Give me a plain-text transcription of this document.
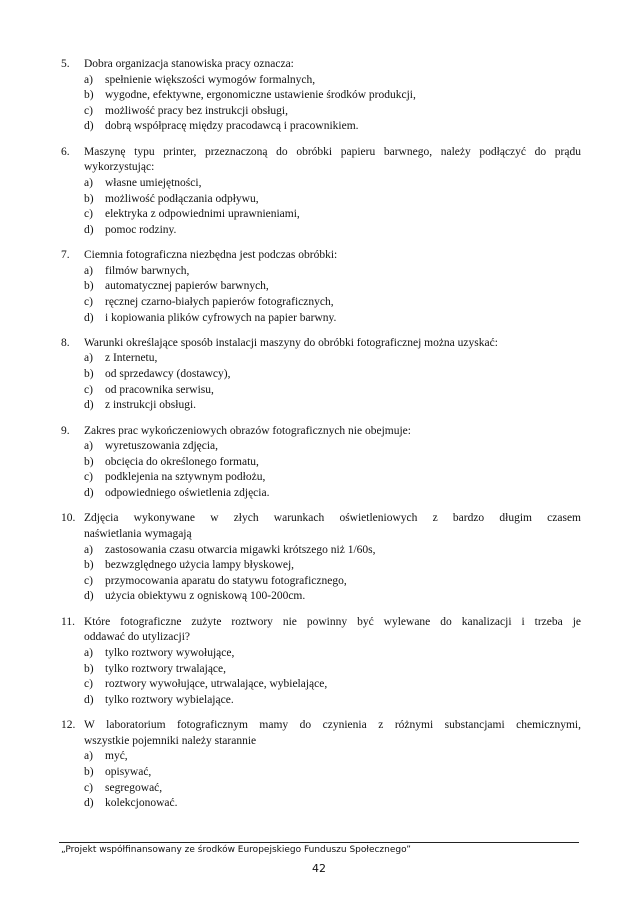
5.	Dobra organizacja stanowiska pracy oznacza:
a)	spełnienie większości wymogów formalnych,
b) wygodne, efektywne, ergonomiczne ustawienie środków produkcji,
c)	możliwość pracy bez instrukcji obsługi,
d) dobrą współpracę między pracodawcą i pracownikiem.
6.	Maszynę typu printer, przeznaczoną do obróbki papieru barwnego, należy podłączyć do prądu
wykorzystując:
a)	własne umiejętności,
b) możliwość podłączania odpływu,
c)	elektryka z odpowiednimi uprawnieniami,
d) pomoc rodziny.
7.	Ciemnia fotograficzna niezbędna jest podczas obróbki:
a)	filmów barwnych,
b) automatycznej papierów barwnych,
c)	ręcznej czarno-białych papierów fotograficznych,
d) i kopiowania plików cyfrowych na papier barwny.
8.	Warunki określające sposób instalacji maszyny do obróbki fotograficznej można uzyskać:
a)	z Internetu,
b) od sprzedawcy (dostawcy),
c)	od pracownika serwisu,
d) z instrukcji obsługi.
9.	Zakres prac wykończeniowych obrazów fotograficznych nie obejmuje:
a)	wyretuszowania zdjęcia,
b) obcięcia do określonego formatu,
c)	podklejenia na sztywnym podłożu,
d) odpowiedniego oświetlenia zdjęcia.
10. Zdjęcia wykonywane w złych warunkach oświetleniowych z bardzo długim czasem
naświetlania wymagają
a)	zastosowania czasu otwarcia migawki krótszego niż 1/60s,
b) bezwzględnego użycia lampy błyskowej,
c)	przymocowania aparatu do statywu fotograficznego,
d) użycia obiektywu z ogniskową 100-200cm.
11. Które fotograficzne zużyte roztwory nie powinny być wylewane do kanalizacji i trzeba je
oddawać do utylizacji?
a)	tylko roztwory wywołujące,
b) tylko roztwory trwalające,
c)	roztwory wywołujące, utrwalające, wybielające,
d) tylko roztwory wybielające.
12. W laboratorium fotograficznym mamy do czynienia z różnymi substancjami chemicznymi,
wszystkie pojemniki należy starannie
a)	myć,
b) opisywać,
c)	segregować,
d) kolekcjonować.
„Projekt współfinansowany ze środków Europejskiego Funduszu Społecznego”
42
